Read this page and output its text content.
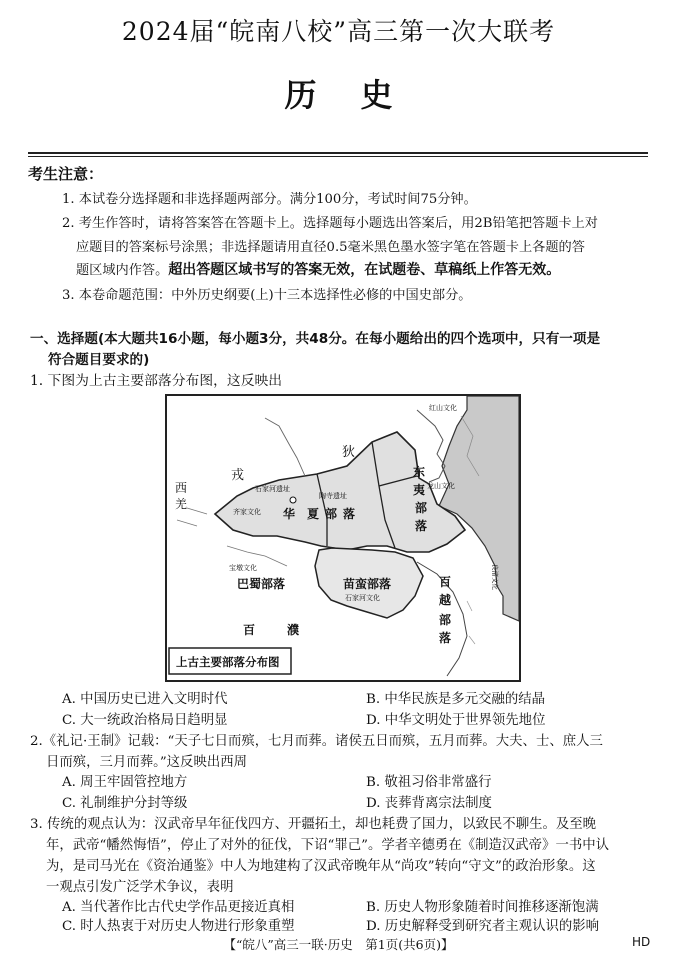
2024届“皖南八校”高三第一次大联考
历史
考生注意：
1. 本试卷分选择题和非选择题两部分。满分100分，考试时间75分钟。
2. 考生作答时，请将答案答在答题卡上。选择题每小题选出答案后，用2B铅笔把答题卡上对
应题目的答案标号涂黑；非选择题请用直径0.5毫米黑色墨水签字笔在答题卡上各题的答
题区域内作答。超出答题区域书写的答案无效，在试题卷、草稿纸上作答无效。
3. 本卷命题范围：中外历史纲要(上)十三本选择性必修的中国史部分。
一、选择题(本大题共16小题，每小题3分，共48分。在每小题给出的四个选项中，只有一项是
符合题目要求的)
1. 下图为上古主要部落分布图，这反映出
红山文化
狄
戎
西
羌
石家河遗址
齐家文化
陶寺遗址
华 夏 部 落
东
夷 龙山文化
部
落
宝墩文化
巴蜀部落	苗蛮部落
石家河文化
百
越
部
落
良渚文化
百	濮
上古主要部落分布图
A. 中国历史已进入文明时代	B. 中华民族是多元交融的结晶
C. 大一统政治格局日趋明显	D. 中华文明处于世界领先地位
2.《礼记·王制》记载：“天子七日而殡，七月而葬。诸侯五日而殡，五月而葬。大夫、士、庶人三
日而殡，三月而葬。”这反映出西周
A. 周王牢固管控地方	B. 敬祖习俗非常盛行
C. 礼制维护分封等级	D. 丧葬背离宗法制度
3. 传统的观点认为：汉武帝早年征伐四方、开疆拓土，却也耗费了国力，以致民不聊生。及至晚
年，武帝“幡然悔悟”，停止了对外的征伐，下诏“罪己”。学者辛德勇在《制造汉武帝》一书中认
为，是司马光在《资治通鉴》中人为地建构了汉武帝晚年从“尚攻”转向“守文”的政治形象。这
一观点引发广泛学术争议，表明
A. 当代著作比古代史学作品更接近真相	B. 历史人物形象随着时间推移逐渐饱满
C. 时人热衷于对历史人物进行形象重塑	D. 历史解释受到研究者主观认识的影响
【“皖八”高三一联·历史　第1页(共6页)】	HD
